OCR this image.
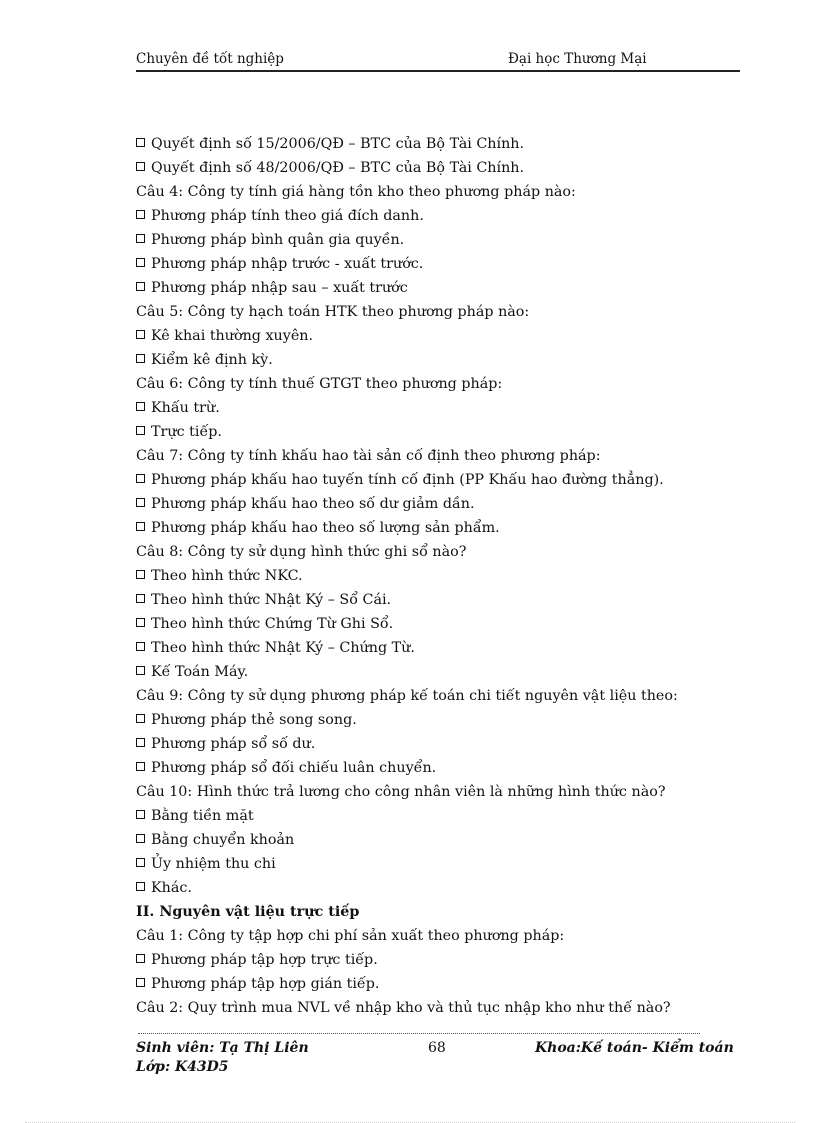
Chuyên đề tốt nghiệp	Đại học Thương Mại
Quyết định số 15/2006/QĐ – BTC của Bộ Tài Chính.
Quyết định số 48/2006/QĐ – BTC của Bộ Tài Chính.
Câu 4: Công ty tính giá hàng tồn kho theo phương pháp nào:
Phương pháp tính theo giá đích danh.
Phương pháp bình quân gia quyền.
Phương pháp nhập trước - xuất trước.
Phương pháp nhập sau – xuất trước
Câu 5: Công ty hạch toán HTK theo phương pháp nào:
Kê khai thường xuyên.
Kiểm kê định kỳ.
Câu 6: Công ty tính thuế GTGT theo phương pháp:
Khấu trừ.
Trực tiếp.
Câu 7: Công ty tính khấu hao tài sản cố định theo phương pháp:
Phương pháp khấu hao tuyến tính cố định (PP Khấu hao đường thẳng).
Phương pháp khấu hao theo số dư giảm dần.
Phương pháp khấu hao theo số lượng sản phẩm.
Câu 8: Công ty sử dụng hình thức ghi sổ nào?
Theo hình thức NKC.
Theo hình thức Nhật Ký – Sổ Cái.
Theo hình thức Chứng Từ Ghi Sổ.
Theo hình thức Nhật Ký – Chứng Từ.
Kế Toán Máy.
Câu 9: Công ty sử dụng phương pháp kế toán chi tiết nguyên vật liệu theo:
Phương pháp thẻ song song.
Phương pháp sổ số dư.
Phương pháp sổ đối chiếu luân chuyển.
Câu 10: Hình thức trả lương cho công nhân viên là những hình thức nào?
Bằng tiền mặt
Bằng chuyển khoản
Ủy nhiệm thu chi
Khác.
II. Nguyên vật liệu trực tiếp
Câu 1: Công ty tập hợp chi phí sản xuất theo phương pháp:
Phương pháp tập hợp trực tiếp.
Phương pháp tập hợp gián tiếp.
Câu 2: Quy trình mua NVL về nhập kho và thủ tục nhập kho như thế nào?
Sinh viên: Tạ Thị Liên	68	Khoa:Kế toán- Kiểm toán
Lớp: K43D5
